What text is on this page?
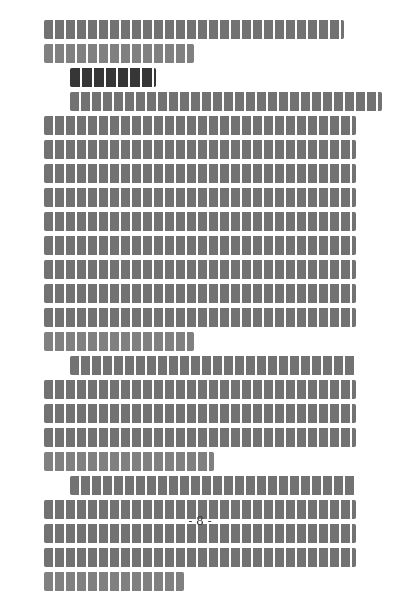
- 8 -
